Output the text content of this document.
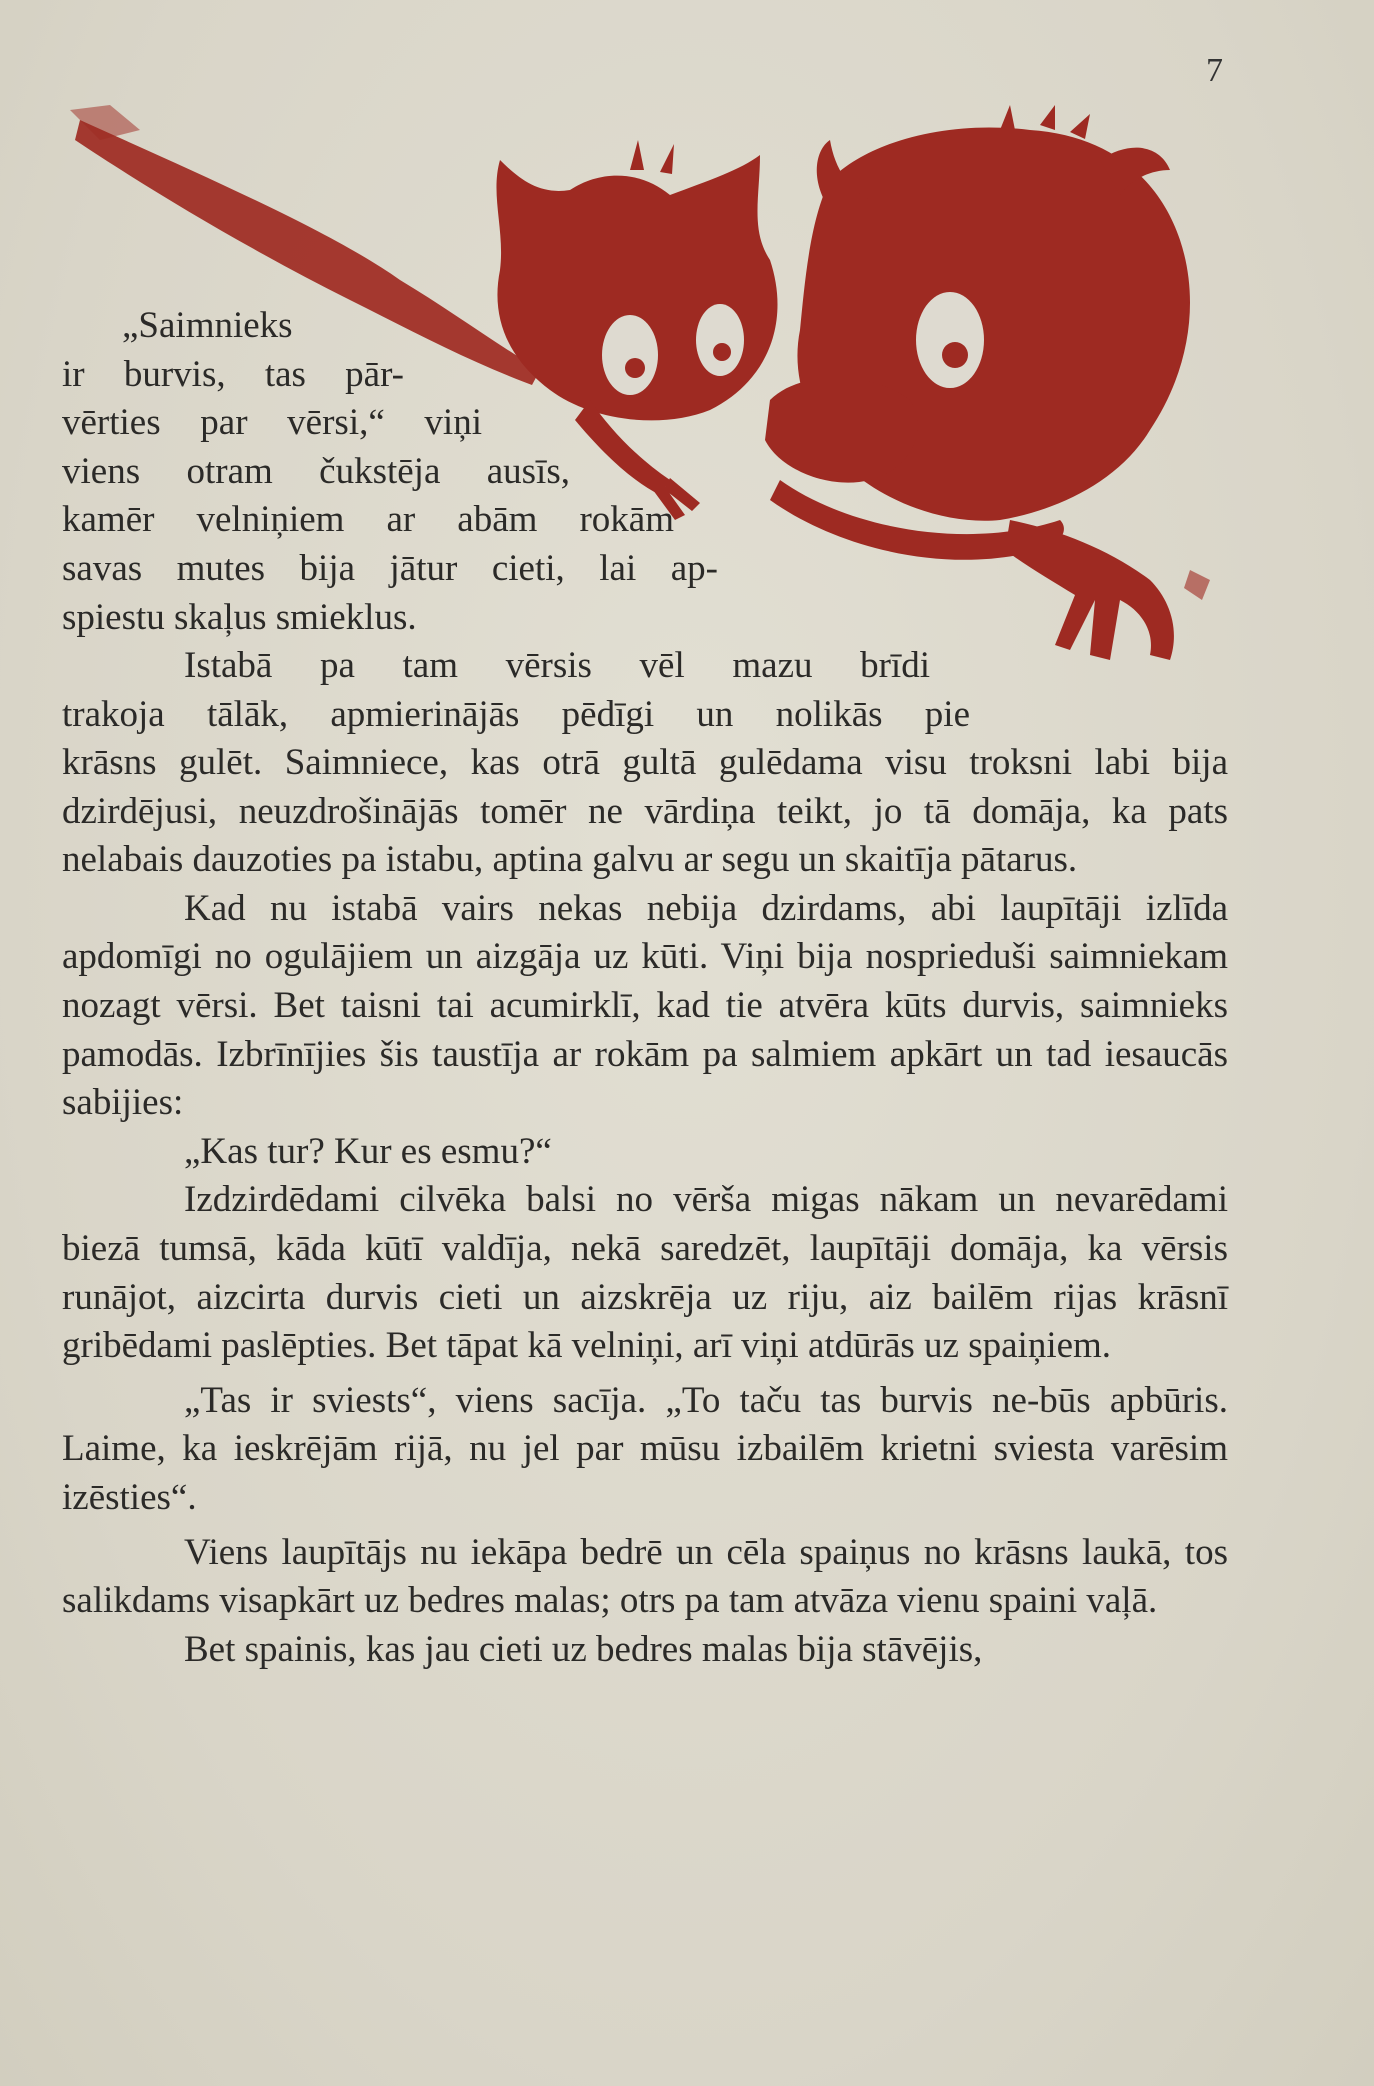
7
„Saimnieks
ir burvis, tas pār-
vērties par vērsi,“ viņi
viens otram čukstēja ausīs,
kamēr velniņiem ar abām rokām
savas mutes bija jātur cieti, lai ap-
spiestu skaļus smieklus.
Istabā pa tam vērsis vēl mazu brīdi
trakoja tālāk, apmierinājās pēdīgi un nolikās pie

krāsns gulēt. Saimniece, kas otrā gultā gulēdama visu troksni labi bija dzirdējusi, neuzdrošinājās tomēr ne vārdiņa teikt, jo tā domāja, ka pats nelabais dauzoties pa istabu, aptina galvu ar segu un skaitīja pātarus.

Kad nu istabā vairs nekas nebija dzirdams, abi laupītāji izlīda apdomīgi no ogulājiem un aizgāja uz kūti. Viņi bija nosprieduši saimniekam nozagt vērsi. Bet taisni tai acumirklī, kad tie atvēra kūts durvis, saimnieks pamodās. Izbrīnījies šis taustīja ar rokām pa salmiem apkārt un tad iesaucās sabijies:

„Kas tur? Kur es esmu?“

Izdzirdēdami cilvēka balsi no vērša migas nākam un nevarēdami biezā tumsā, kāda kūtī valdīja, nekā saredzēt, laupītāji domāja, ka vērsis runājot, aizcirta durvis cieti un aizskrēja uz riju, aiz bailēm rijas krāsnī gribēdami paslēpties. Bet tāpat kā velniņi, arī viņi atdūrās uz spaiņiem.

„Tas ir sviests“, viens sacīja. „To taču tas burvis ne-būs apbūris. Laime, ka ieskrējām rijā, nu jel par mūsu izbailēm krietni sviesta varēsim izēsties“.

Viens laupītājs nu iekāpa bedrē un cēla spaiņus no krāsns laukā, tos salikdams visapkārt uz bedres malas; otrs pa tam atvāza vienu spaini vaļā.

Bet spainis, kas jau cieti uz bedres malas bija stāvējis,
